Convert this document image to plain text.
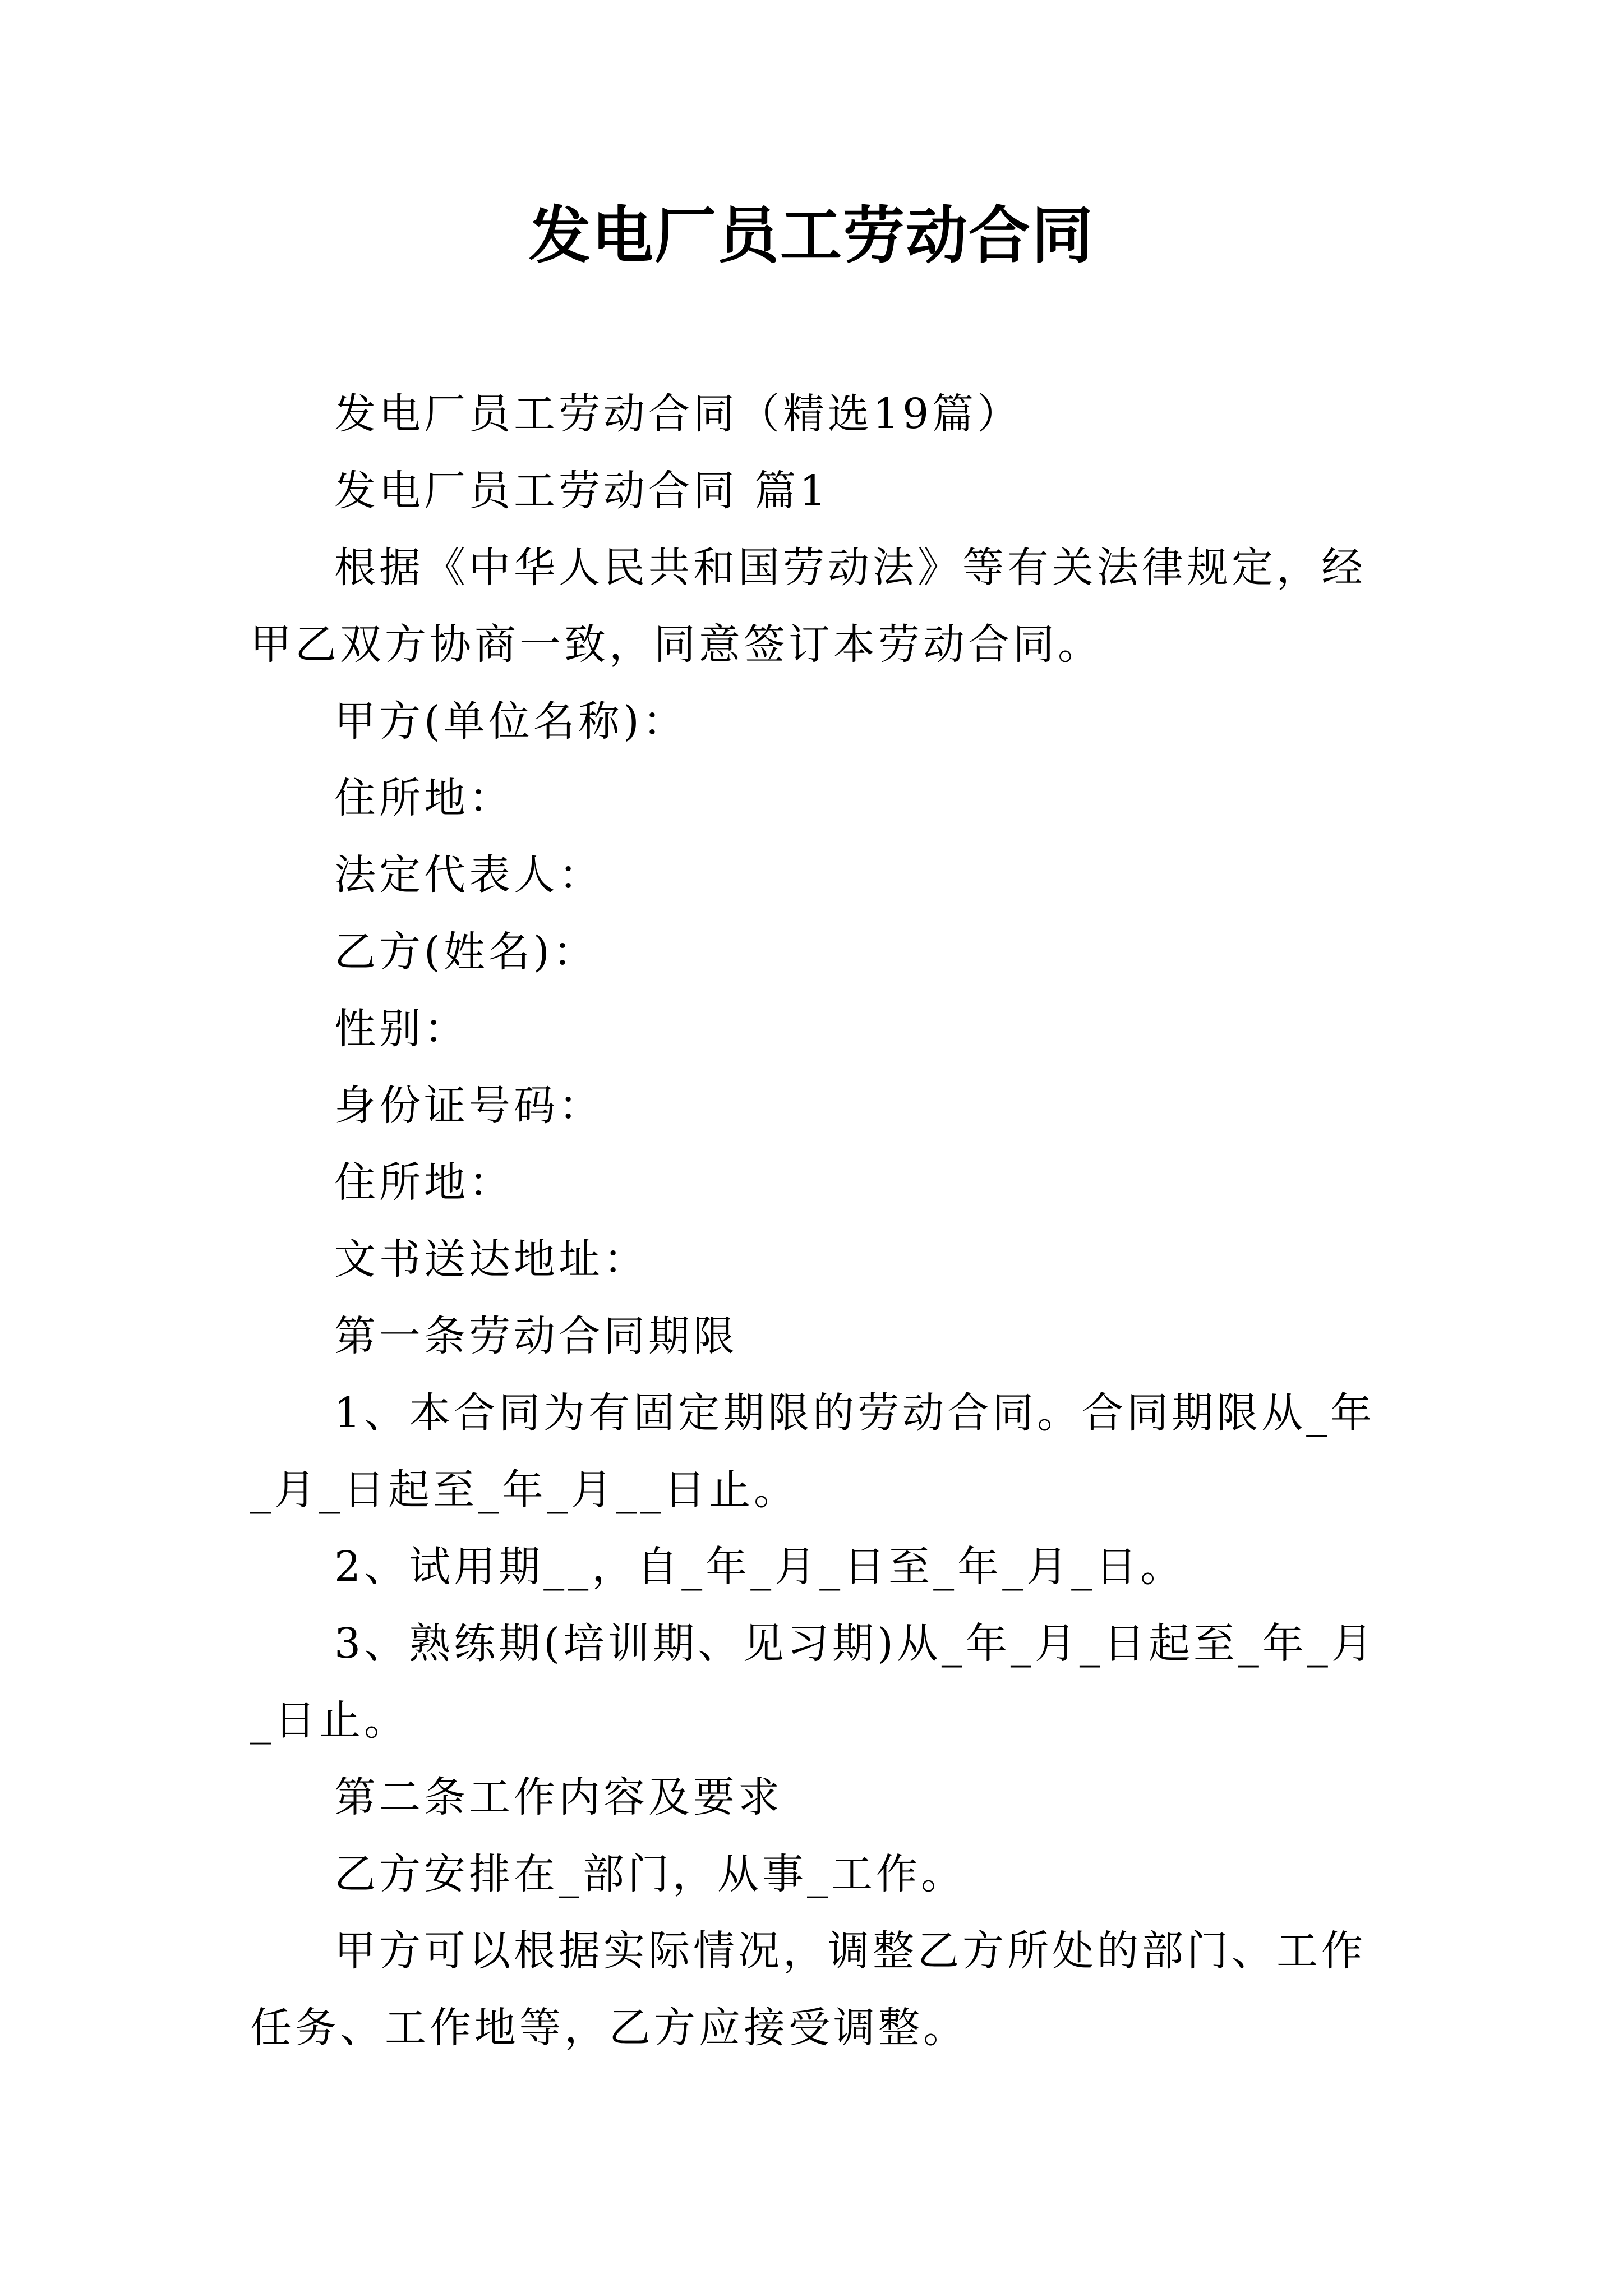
发电厂员工劳动合同

发电厂员工劳动合同（精选19篇）

发电厂员工劳动合同 篇1

根据《中华人民共和国劳动法》等有关法律规定，经甲乙双方协商一致，同意签订本劳动合同。

甲方(单位名称)：

住所地：

法定代表人：

乙方(姓名)：

性别：

身份证号码：

住所地：

文书送达地址：

第一条劳动合同期限

1、本合同为有固定期限的劳动合同。合同期限从_年_月_日起至_年_月__日止。

2、试用期__，自_年_月_日至_年_月_日。

3、熟练期(培训期、见习期)从_年_月_日起至_年_月_日止。

第二条工作内容及要求

乙方安排在_部门，从事_工作。

甲方可以根据实际情况，调整乙方所处的部门、工作任务、工作地等，乙方应接受调整。
